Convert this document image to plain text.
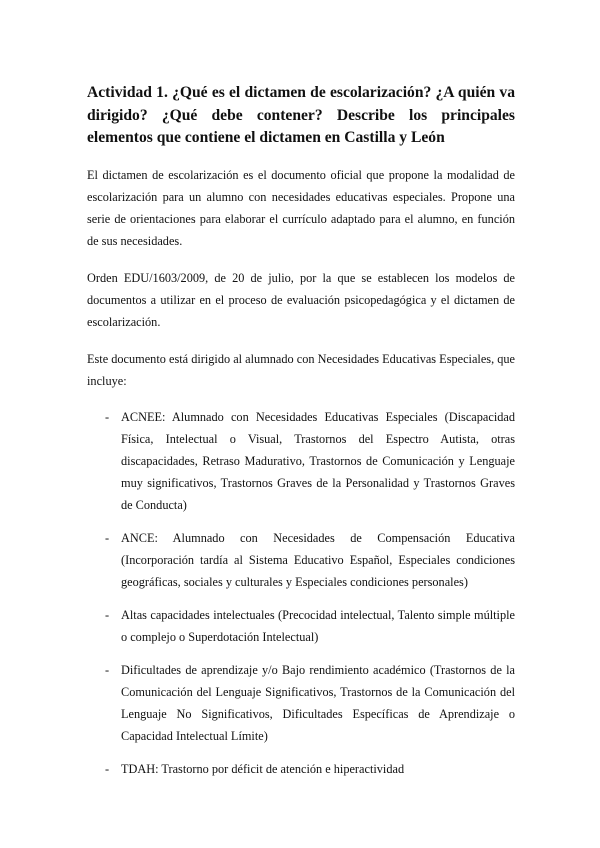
Actividad 1. ¿Qué es el dictamen de escolarización? ¿A quién va dirigido? ¿Qué debe contener? Describe los principales elementos que contiene el dictamen en Castilla y León

El dictamen de escolarización es el documento oficial que propone la modalidad de escolarización para un alumno con necesidades educativas especiales. Propone una serie de orientaciones para elaborar el currículo adaptado para el alumno, en función de sus necesidades.

Orden EDU/1603/2009, de 20 de julio, por la que se establecen los modelos de documentos a utilizar en el proceso de evaluación psicopedagógica y el dictamen de escolarización.

Este documento está dirigido al alumnado con Necesidades Educativas Especiales, que incluye:

- ACNEE: Alumnado con Necesidades Educativas Especiales (Discapacidad Física, Intelectual o Visual, Trastornos del Espectro Autista, otras discapacidades, Retraso Madurativo, Trastornos de Comunicación y Lenguaje muy significativos, Trastornos Graves de la Personalidad y Trastornos Graves de Conducta)
- ANCE: Alumnado con Necesidades de Compensación Educativa (Incorporación tardía al Sistema Educativo Español, Especiales condiciones geográficas, sociales y culturales y Especiales condiciones personales)
- Altas capacidades intelectuales (Precocidad intelectual, Talento simple múltiple o complejo o Superdotación Intelectual)
- Dificultades de aprendizaje y/o Bajo rendimiento académico (Trastornos de la Comunicación del Lenguaje Significativos, Trastornos de la Comunicación del Lenguaje No Significativos, Dificultades Específicas de Aprendizaje o Capacidad Intelectual Límite)
- TDAH: Trastorno por déficit de atención e hiperactividad
